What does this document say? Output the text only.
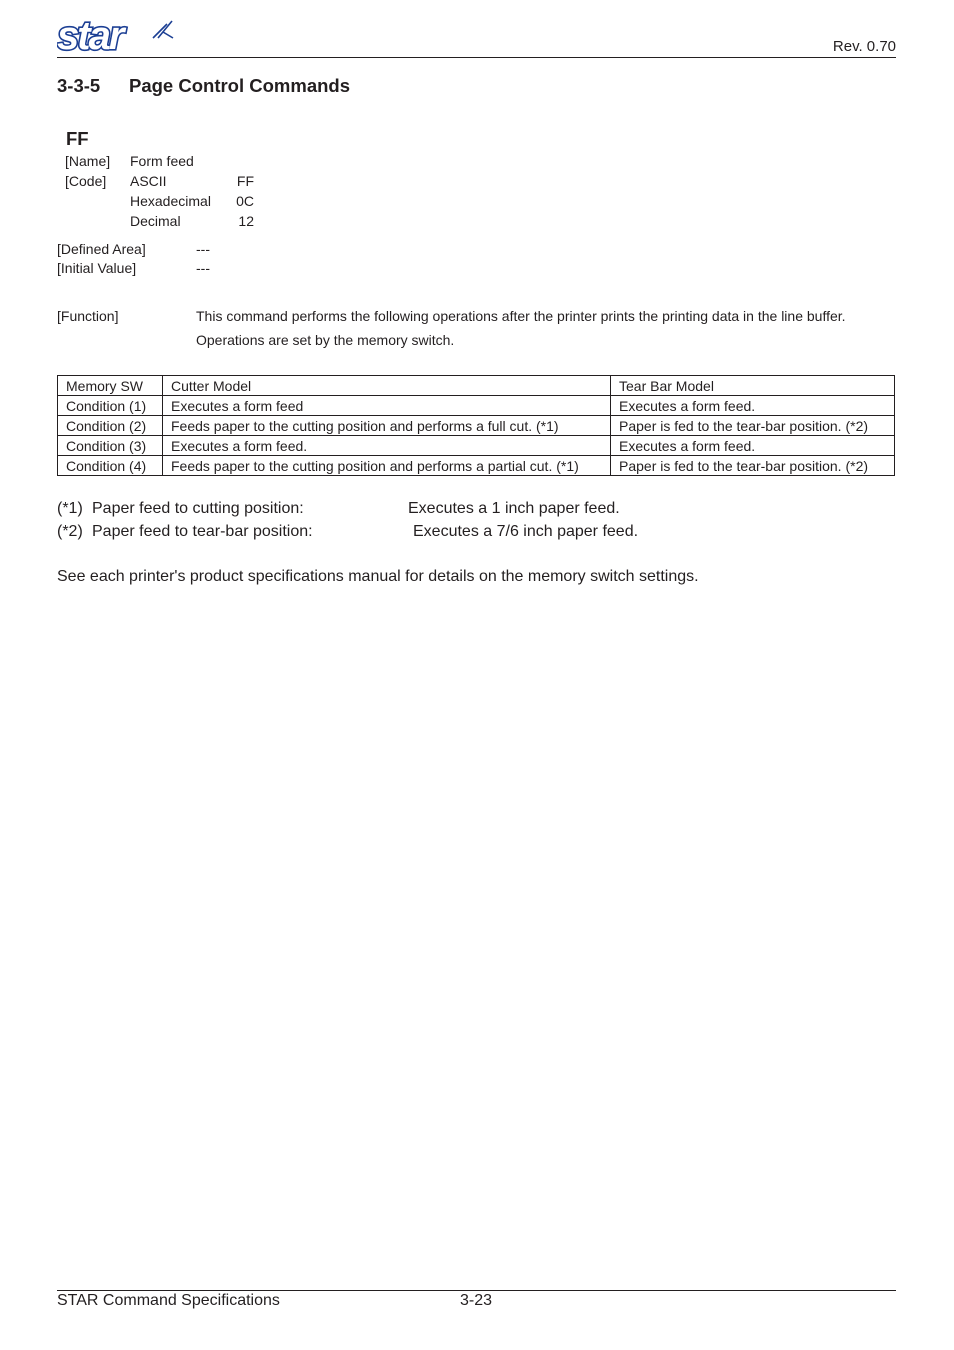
star	Rev. 0.70
3-3-5 Page Control Commands
FF
[Name] Form feed
[Code] ASCII	FF
Hexadecimal	0C
Decimal	12
[Defined Area]	---
[Initial Value]	---
[Function]	This command performs the following operations after the printer prints the printing data in the line buffer.
Operations are set by the memory switch.
Memory SW	Cutter Model	Tear Bar Model
Condition (1)	Executes a form feed	Executes a form feed.
Condition (2)	Feeds paper to the cutting position and performs a full cut. (*1)	Paper is fed to the tear-bar position. (*2)
Condition (3)	Executes a form feed.	Executes a form feed.
Condition (4)	Feeds paper to the cutting position and performs a partial cut. (*1)	Paper is fed to the tear-bar position. (*2)
(*1) Paper feed to cutting position:	Executes a 1 inch paper feed.
(*2) Paper feed to tear-bar position:	Executes a 7/6 inch paper feed.
See each printer's product specifications manual for details on the memory switch settings.
STAR Command Specifications	3-23
